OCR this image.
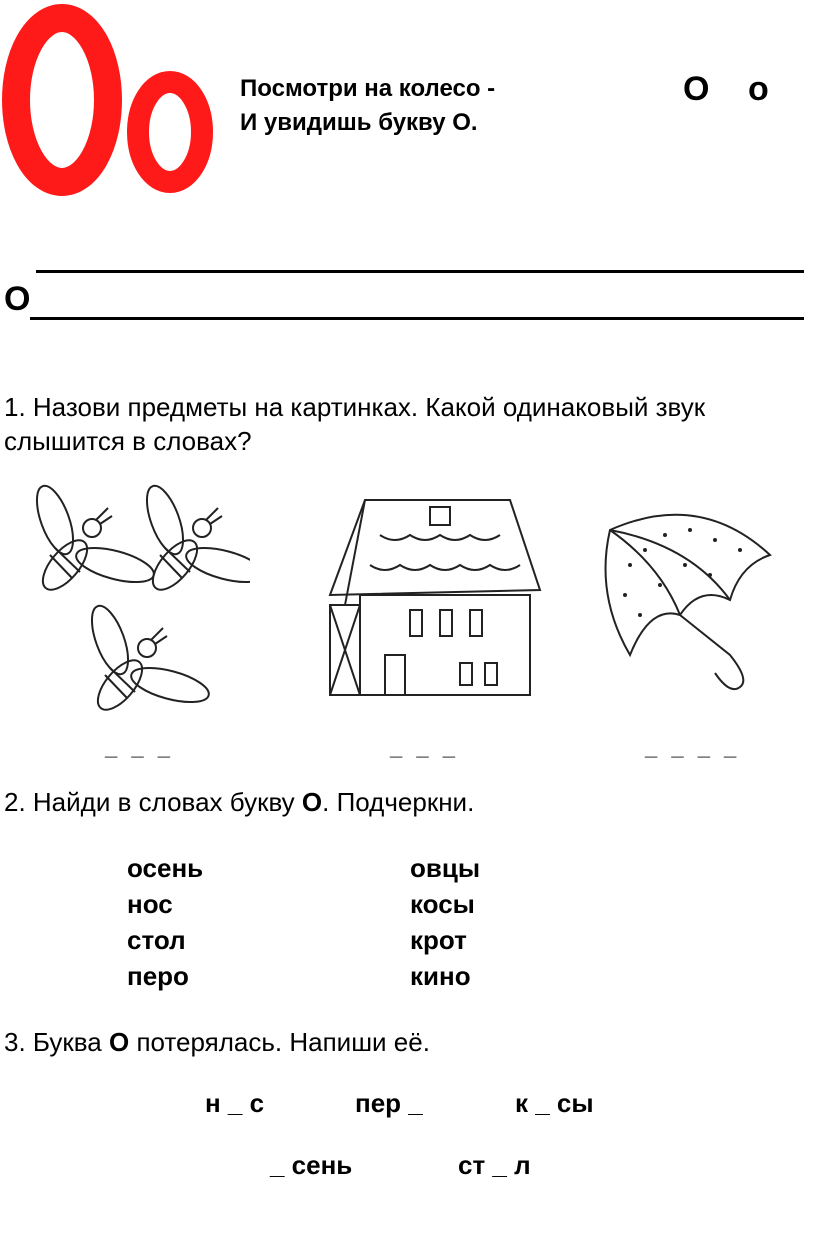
Посмотри на колесо -
И увидишь букву О.
О о
О
1. Назови предметы на картинках. Какой одинаковый звук слышится в словах?
_ _ _	_ _ _	_ _ _ _
2. Найди в словах букву О. Подчеркни.
осень
нос
стол
перо
овцы
косы
крот
кино
3. Буква О потерялась. Напиши её.
н _ с	пер _	к _ сы
_ сень	ст _ л
